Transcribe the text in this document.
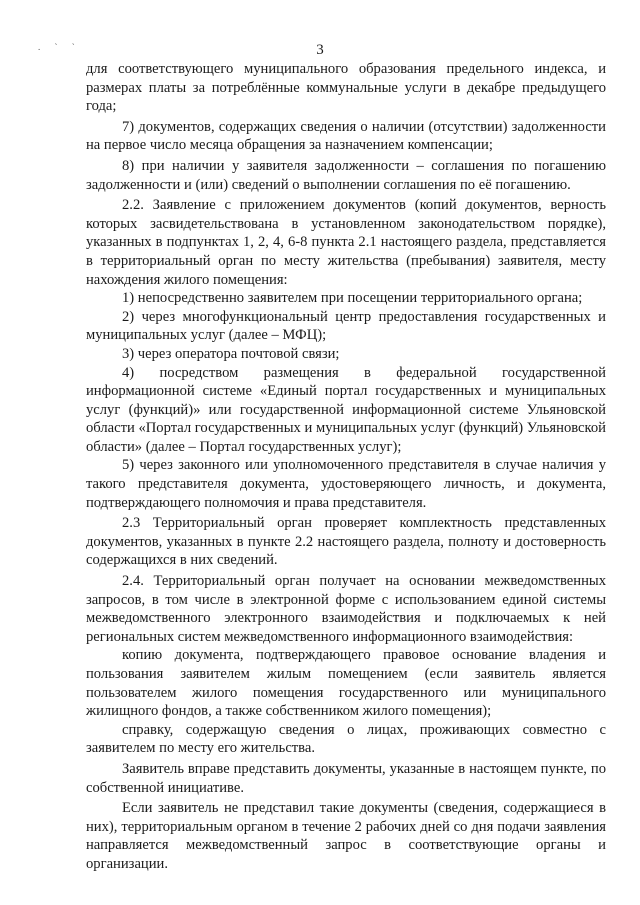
. ` `	3

для соответствующего муниципального образования предельного индекса, и размерах платы за потреблённые коммунальные услуги в декабре предыдущего года;

7) документов, содержащих сведения о наличии (отсутствии) задолженности на первое число месяца обращения за назначением компенсации;

8) при наличии у заявителя задолженности – соглашения по погашению задолженности и (или) сведений о выполнении соглашения по её погашению.

2.2. Заявление с приложением документов (копий документов, верность которых засвидетельствована в установленном законодательством порядке), указанных в подпунктах 1, 2, 4, 6-8 пункта 2.1 настоящего раздела, представляется в территориальный орган по месту жительства (пребывания) заявителя, месту нахождения жилого помещения:

1) непосредственно заявителем при посещении территориального органа;

2) через многофункциональный центр предоставления государственных и муниципальных услуг (далее – МФЦ);

3) через оператора почтовой связи;

4) посредством размещения в федеральной государственной информационной системе «Единый портал государственных и муниципальных услуг (функций)» или государственной информационной системе Ульяновской области «Портал государственных и муниципальных услуг (функций) Ульяновской области» (далее – Портал государственных услуг);

5) через законного или уполномоченного представителя в случае наличия у такого представителя документа, удостоверяющего личность, и документа, подтверждающего полномочия и права представителя.

2.3 Территориальный орган проверяет комплектность представленных документов, указанных в пункте 2.2 настоящего раздела, полноту и достоверность содержащихся в них сведений.

2.4. Территориальный орган получает на основании межведомственных запросов, в том числе в электронной форме с использованием единой системы межведомственного электронного взаимодействия и подключаемых к ней региональных систем межведомственного информационного взаимодействия:

копию документа, подтверждающего правовое основание владения и пользования заявителем жилым помещением (если заявитель является пользователем жилого помещения государственного или муниципального жилищного фондов, а также собственником жилого помещения);

справку, содержащую сведения о лицах, проживающих совместно с заявителем по месту его жительства.

Заявитель вправе представить документы, указанные в настоящем пункте, по собственной инициативе.

Если заявитель не представил такие документы (сведения, содержащиеся в них), территориальным органом в течение 2 рабочих дней со дня подачи заявления направляется межведомственный запрос в соответствующие органы и организации.
